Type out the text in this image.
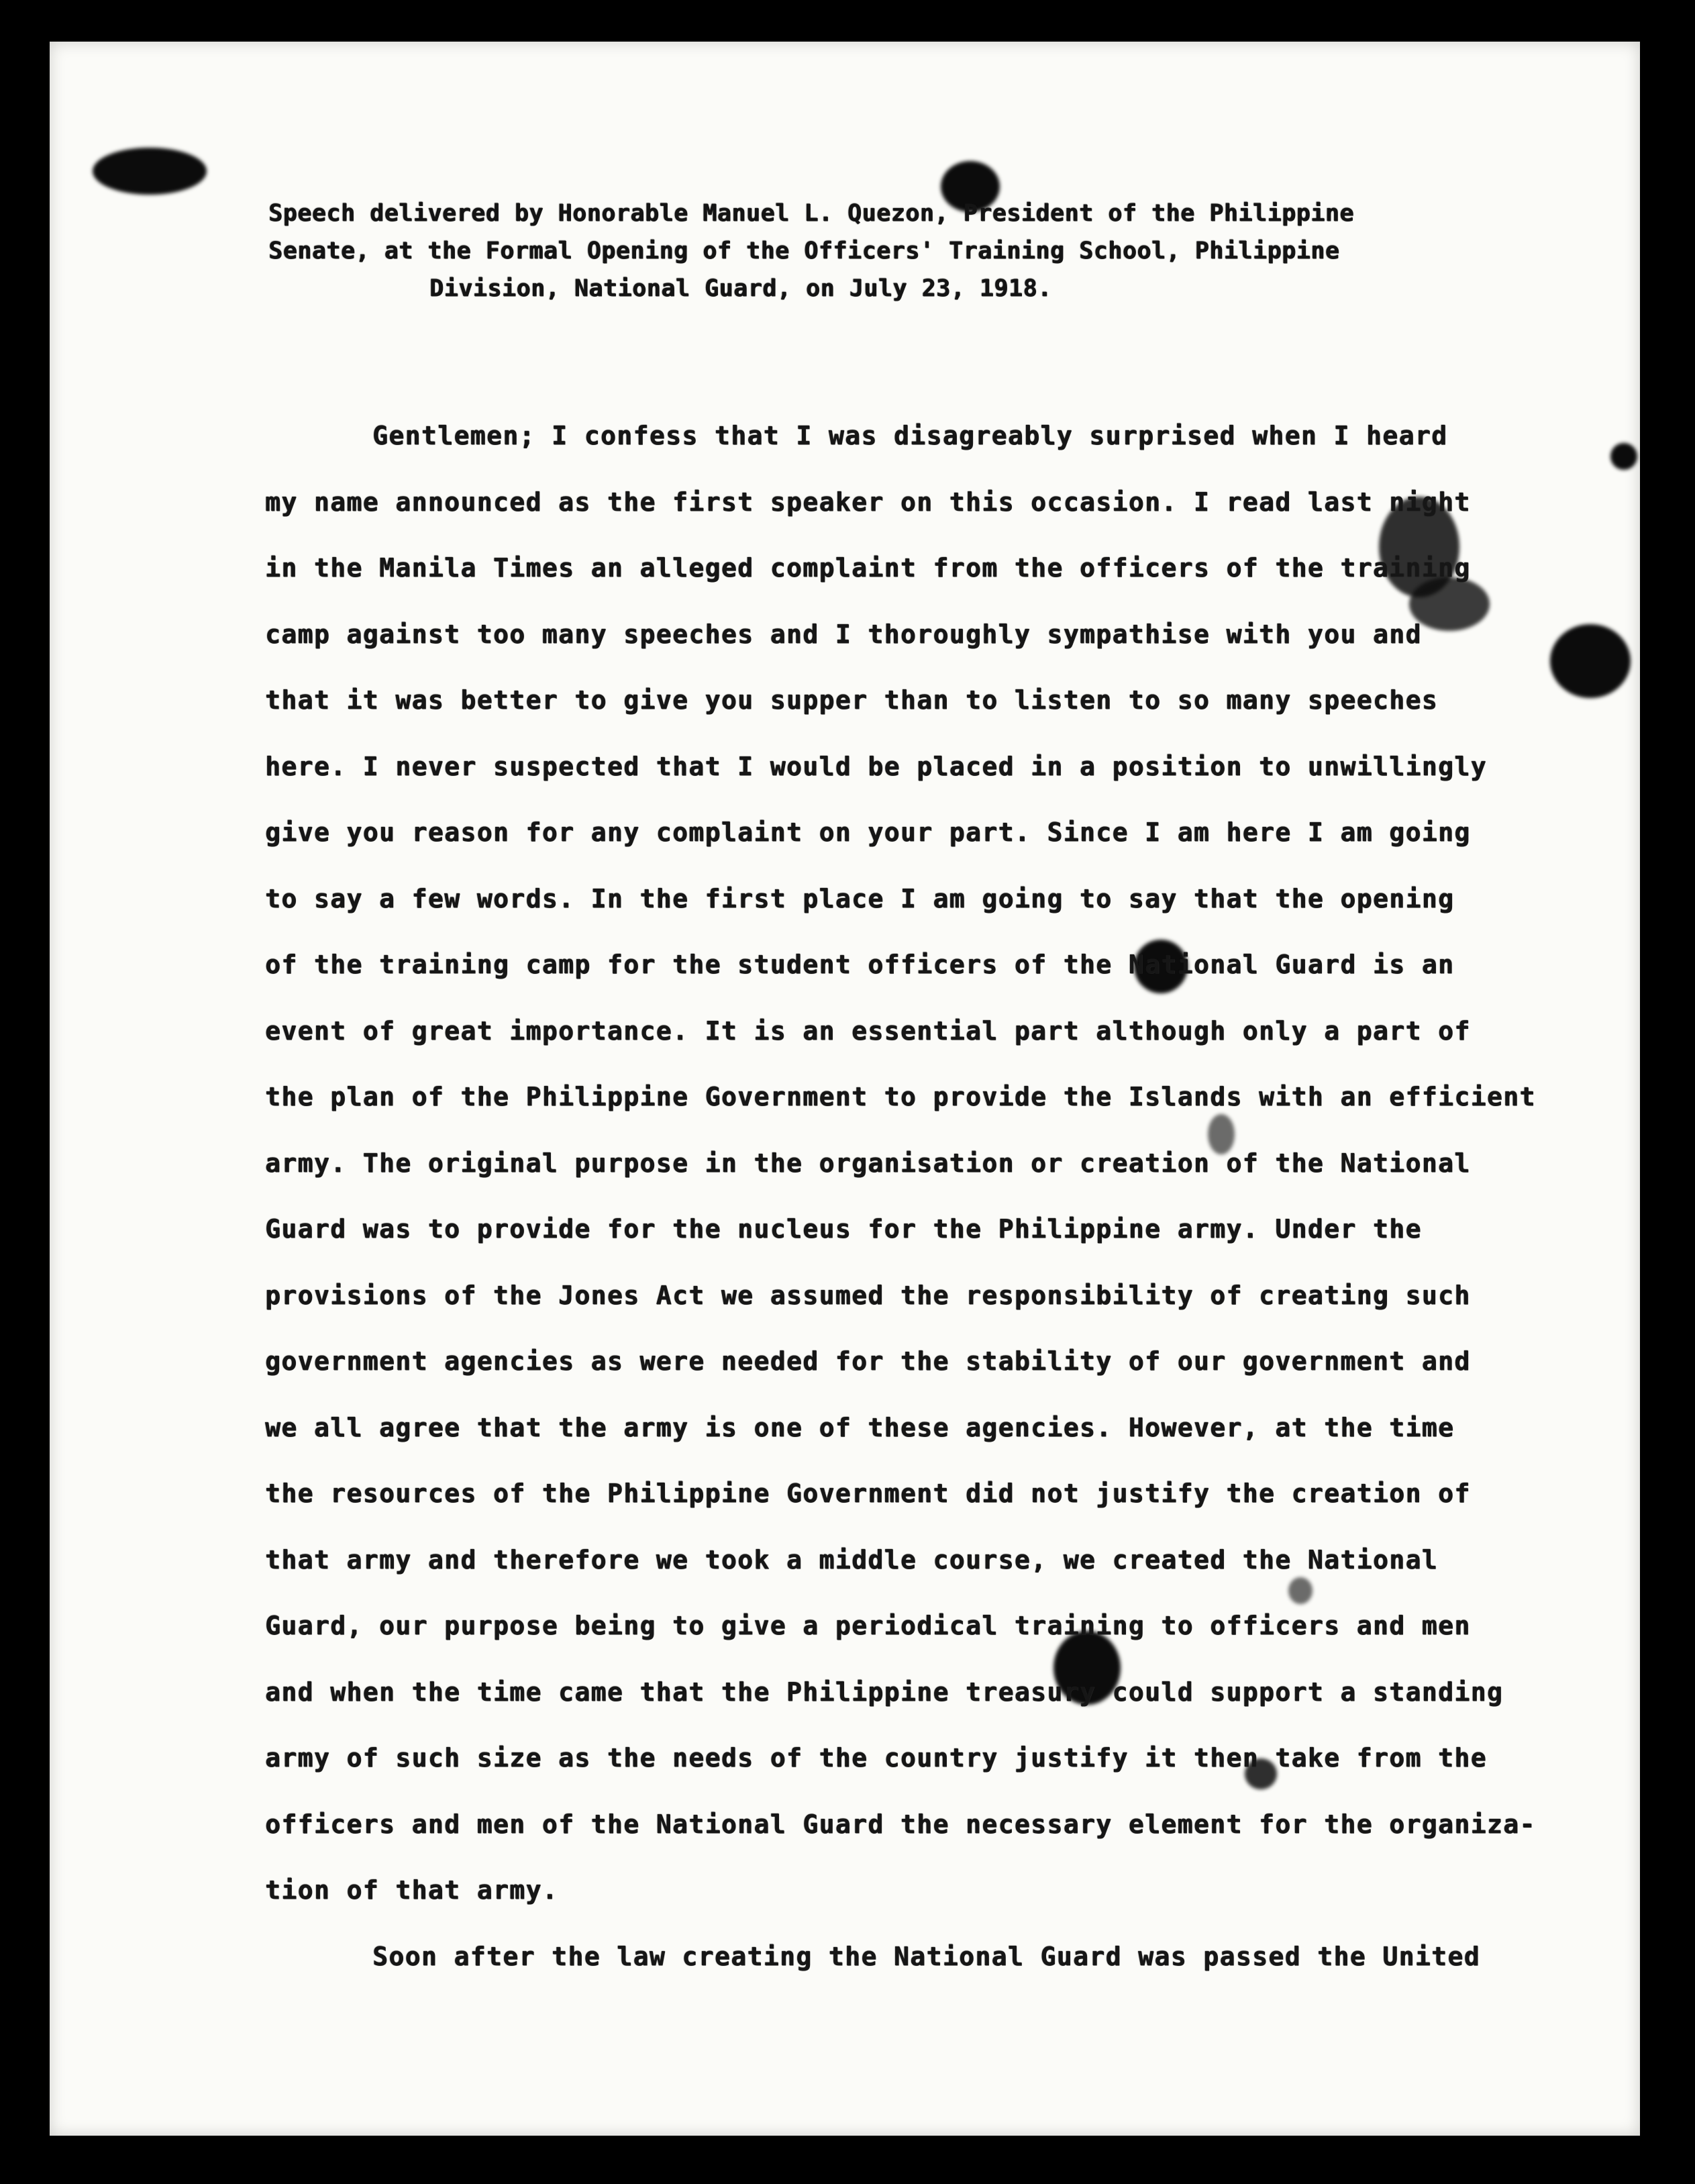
Speech delivered by Honorable Manuel L. Quezon, President of the Philippine
Senate, at the Formal Opening of the Officers' Training School, Philippine
Division, National Guard, on July 23, 1918.

Gentlemen; I confess that I was disagreably surprised when I heard

my name announced as the first speaker on this occasion. I read last night

in the Manila Times an alleged complaint from the officers of the training

camp against too many speeches and I thoroughly sympathise with you and

that it was better to give you supper than to listen to so many speeches

here. I never suspected that I would be placed in a position to unwillingly

give you reason for any complaint on your part. Since I am here I am going

to say a few words. In the first place I am going to say that the opening

of the training camp for the student officers of the National Guard is an

event of great importance. It is an essential part although only a part of

the plan of the Philippine Government to provide the Islands with an efficient

army. The original purpose in the organisation or creation of the National

Guard was to provide for the nucleus for the Philippine army. Under the

provisions of the Jones Act we assumed the responsibility of creating such

government agencies as were needed for the stability of our government and

we all agree that the army is one of these agencies. However, at the time

the resources of the Philippine Government did not justify the creation of

that army and therefore we took a middle course, we created the National

Guard, our purpose being to give a periodical training to officers and men

and when the time came that the Philippine treasury could support a standing

army of such size as the needs of the country justify it then take from the

officers and men of the National Guard the necessary element for the organiza-

tion of that army.

Soon after the law creating the National Guard was passed the United
